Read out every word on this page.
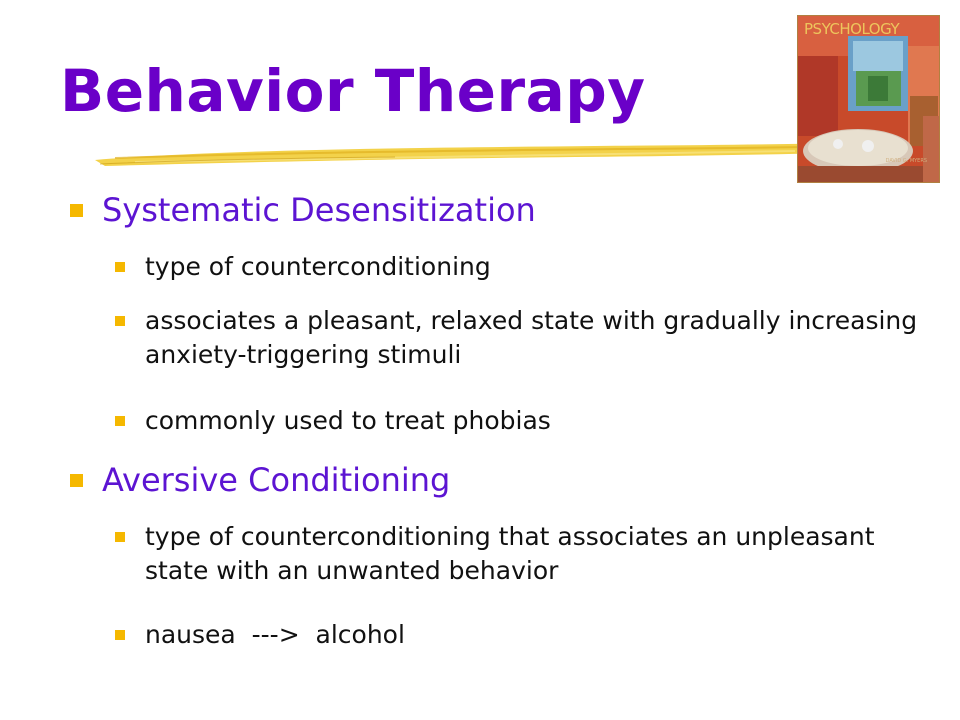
Behavior Therapy
PSYCHOLOGY
DAVID G. MYERS
Systematic Desensitization
type of counterconditioning
associates a pleasant, relaxed state with gradually increasing anxiety-triggering stimuli
commonly used to treat phobias
Aversive Conditioning
type of counterconditioning that associates an unpleasant state with an unwanted behavior
nausea  --->  alcohol
